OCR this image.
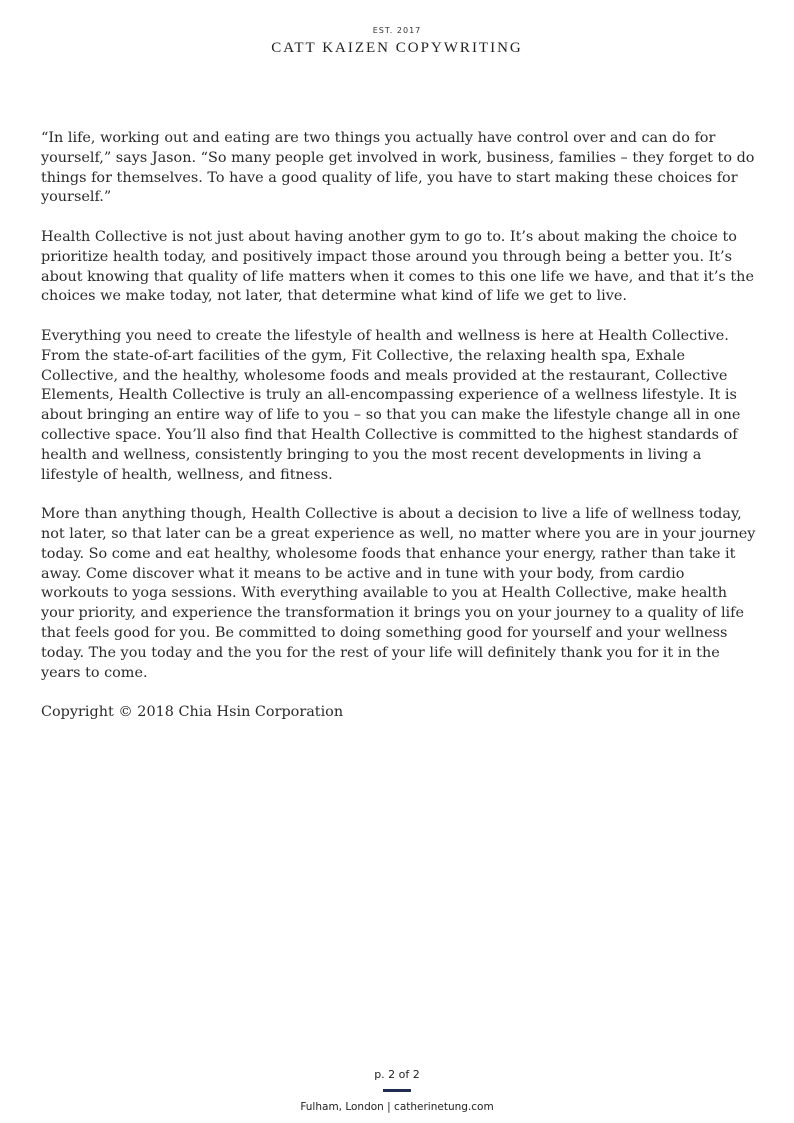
EST. 2017
CATT KAIZEN COPYWRITING

“In life, working out and eating are two things you actually have control over and can do for yourself,” says Jason. “So many people get involved in work, business, families – they forget to do things for themselves. To have a good quality of life, you have to start making these choices for yourself.”

Health Collective is not just about having another gym to go to. It’s about making the choice to prioritize health today, and positively impact those around you through being a better you. It’s about knowing that quality of life matters when it comes to this one life we have, and that it’s the choices we make today, not later, that determine what kind of life we get to live.

Everything you need to create the lifestyle of health and wellness is here at Health Collective. From the state-of-art facilities of the gym, Fit Collective, the relaxing health spa, Exhale Collective, and the healthy, wholesome foods and meals provided at the restaurant, Collective Elements, Health Collective is truly an all-encompassing experience of a wellness lifestyle. It is about bringing an entire way of life to you – so that you can make the lifestyle change all in one collective space. You’ll also find that Health Collective is committed to the highest standards of health and wellness, consistently bringing to you the most recent developments in living a lifestyle of health, wellness, and fitness.

More than anything though, Health Collective is about a decision to live a life of wellness today, not later, so that later can be a great experience as well, no matter where you are in your journey today. So come and eat healthy, wholesome foods that enhance your energy, rather than take it away. Come discover what it means to be active and in tune with your body, from cardio workouts to yoga sessions. With everything available to you at Health Collective, make health your priority, and experience the transformation it brings you on your journey to a quality of life that feels good for you. Be committed to doing something good for yourself and your wellness today. The you today and the you for the rest of your life will definitely thank you for it in the years to come.

Copyright © 2018 Chia Hsin Corporation
p. 2 of 2
Fulham, London | catherinetung.com
